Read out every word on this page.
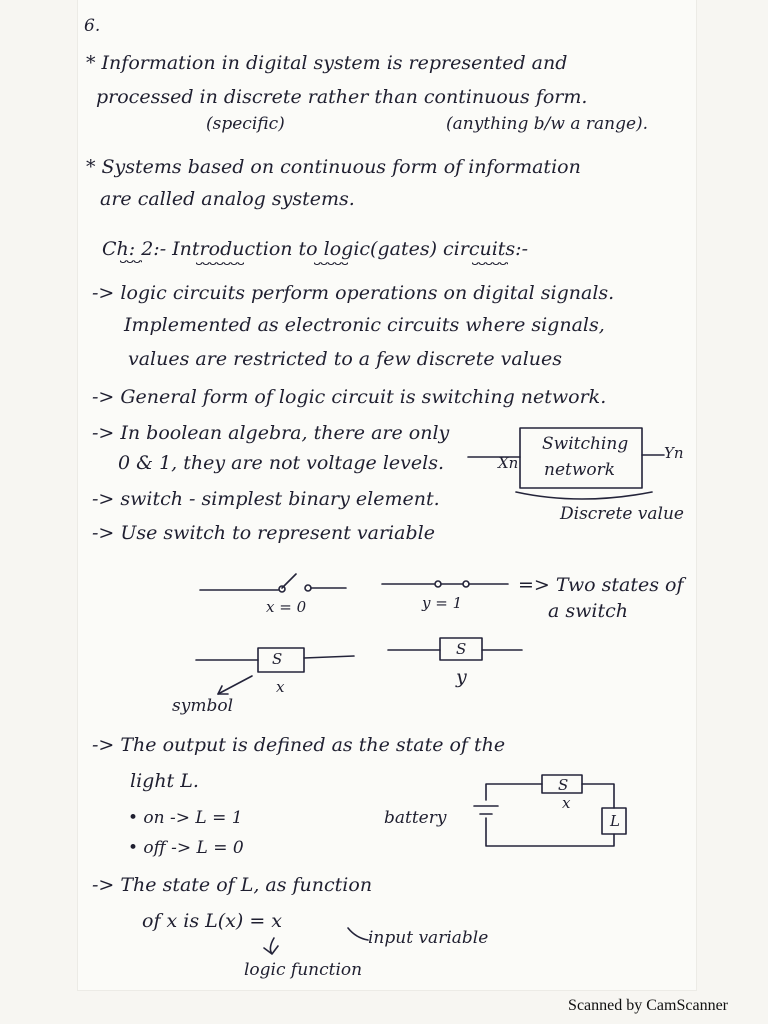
6.
* Information in digital system is represented and
processed in discrete rather than continuous form.
(specific)	(anything b/w a range).
* Systems based on continuous form of information
are called analog systems.
Ch: 2:- Introduction to logic(gates) circuits:-
-> logic circuits perform operations on digital signals.
Implemented as electronic circuits where signals,
values are restricted to a few discrete values
-> General form of logic circuit is switching network.
-> In boolean algebra, there are only
0 & 1, they are not voltage levels.	Xn
Switching
network
Yn
Discrete value
-> switch - simplest binary element.
-> Use switch to represent variable
x = 0	y = 1
=> Two states of
a switch
S
S
x	y
symbol
-> The output is defined as the state of the
light L.
• on -> L = 1
• off -> L = 0
battery
S
x
L
-> The state of L, as function
of x is L(x) = x
input variable
logic function
Scanned by CamScanner
